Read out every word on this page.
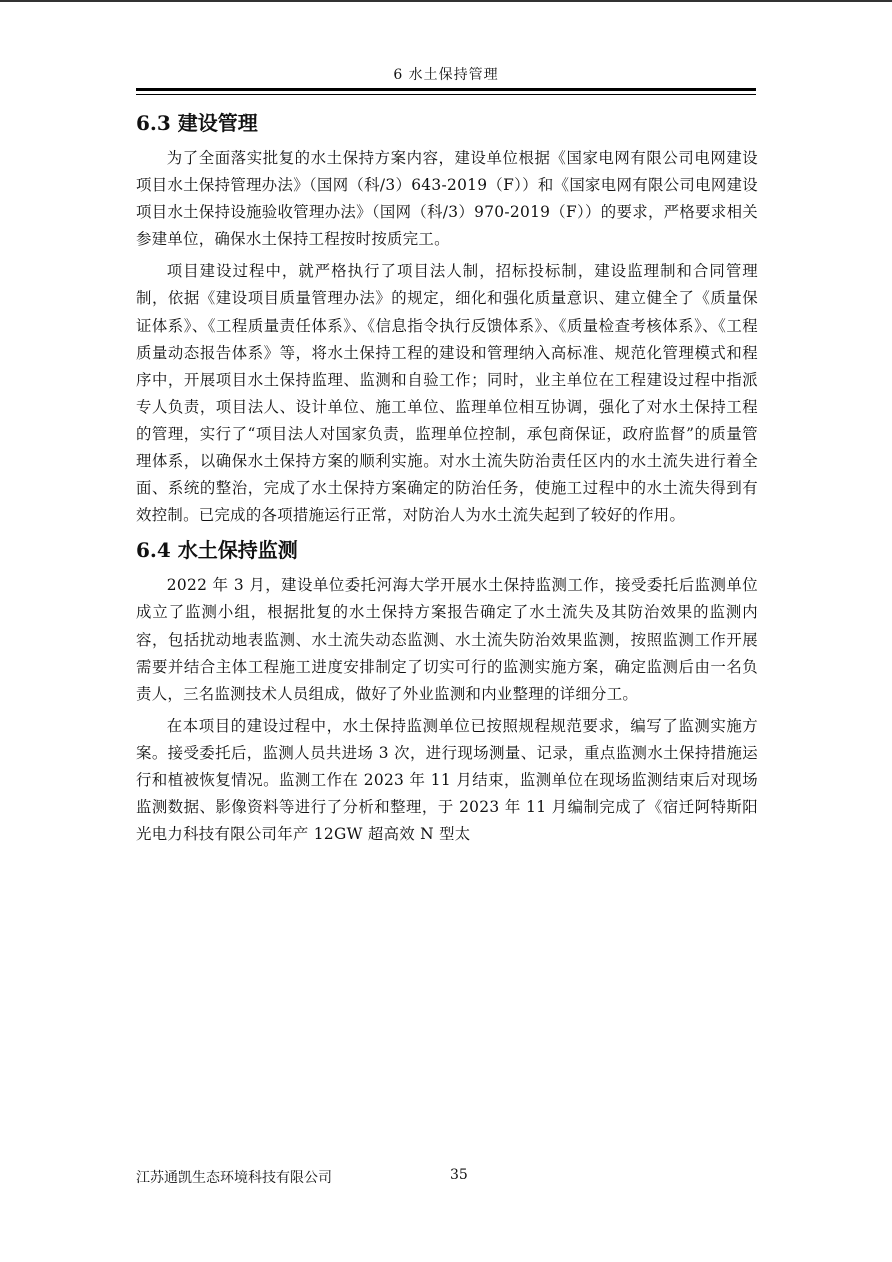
6 水土保持管理
6.3 建设管理

为了全面落实批复的水土保持方案内容，建设单位根据《国家电网有限公司电网建设项目水土保持管理办法》（国网（科/3）643-2019（F））和《国家电网有限公司电网建设项目水土保持设施验收管理办法》（国网（科/3）970-2019（F））的要求，严格要求相关参建单位，确保水土保持工程按时按质完工。

项目建设过程中，就严格执行了项目法人制，招标投标制，建设监理制和合同管理制，依据《建设项目质量管理办法》的规定，细化和强化质量意识、建立健全了《质量保证体系》、《工程质量责任体系》、《信息指令执行反馈体系》、《质量检查考核体系》、《工程质量动态报告体系》等，将水土保持工程的建设和管理纳入高标准、规范化管理模式和程序中，开展项目水土保持监理、监测和自验工作；同时，业主单位在工程建设过程中指派专人负责，项目法人、设计单位、施工单位、监理单位相互协调，强化了对水土保持工程的管理，实行了“项目法人对国家负责，监理单位控制，承包商保证，政府监督”的质量管理体系，以确保水土保持方案的顺利实施。对水土流失防治责任区内的水土流失进行着全面、系统的整治，完成了水土保持方案确定的防治任务，使施工过程中的水土流失得到有效控制。已完成的各项措施运行正常，对防治人为水土流失起到了较好的作用。

6.4 水土保持监测

2022 年 3 月，建设单位委托河海大学开展水土保持监测工作，接受委托后监测单位成立了监测小组，根据批复的水土保持方案报告确定了水土流失及其防治效果的监测内容，包括扰动地表监测、水土流失动态监测、水土流失防治效果监测，按照监测工作开展需要并结合主体工程施工进度安排制定了切实可行的监测实施方案，确定监测后由一名负责人，三名监测技术人员组成，做好了外业监测和内业整理的详细分工。

在本项目的建设过程中，水土保持监测单位已按照规程规范要求，编写了监测实施方案。接受委托后，监测人员共进场 3 次，进行现场测量、记录，重点监测水土保持措施运行和植被恢复情况。监测工作在 2023 年 11 月结束，监测单位在现场监测结束后对现场监测数据、影像资料等进行了分析和整理，于 2023 年 11 月编制完成了《宿迁阿特斯阳光电力科技有限公司年产 12GW 超高效 N 型太

江苏通凯生态环境科技有限公司	35
